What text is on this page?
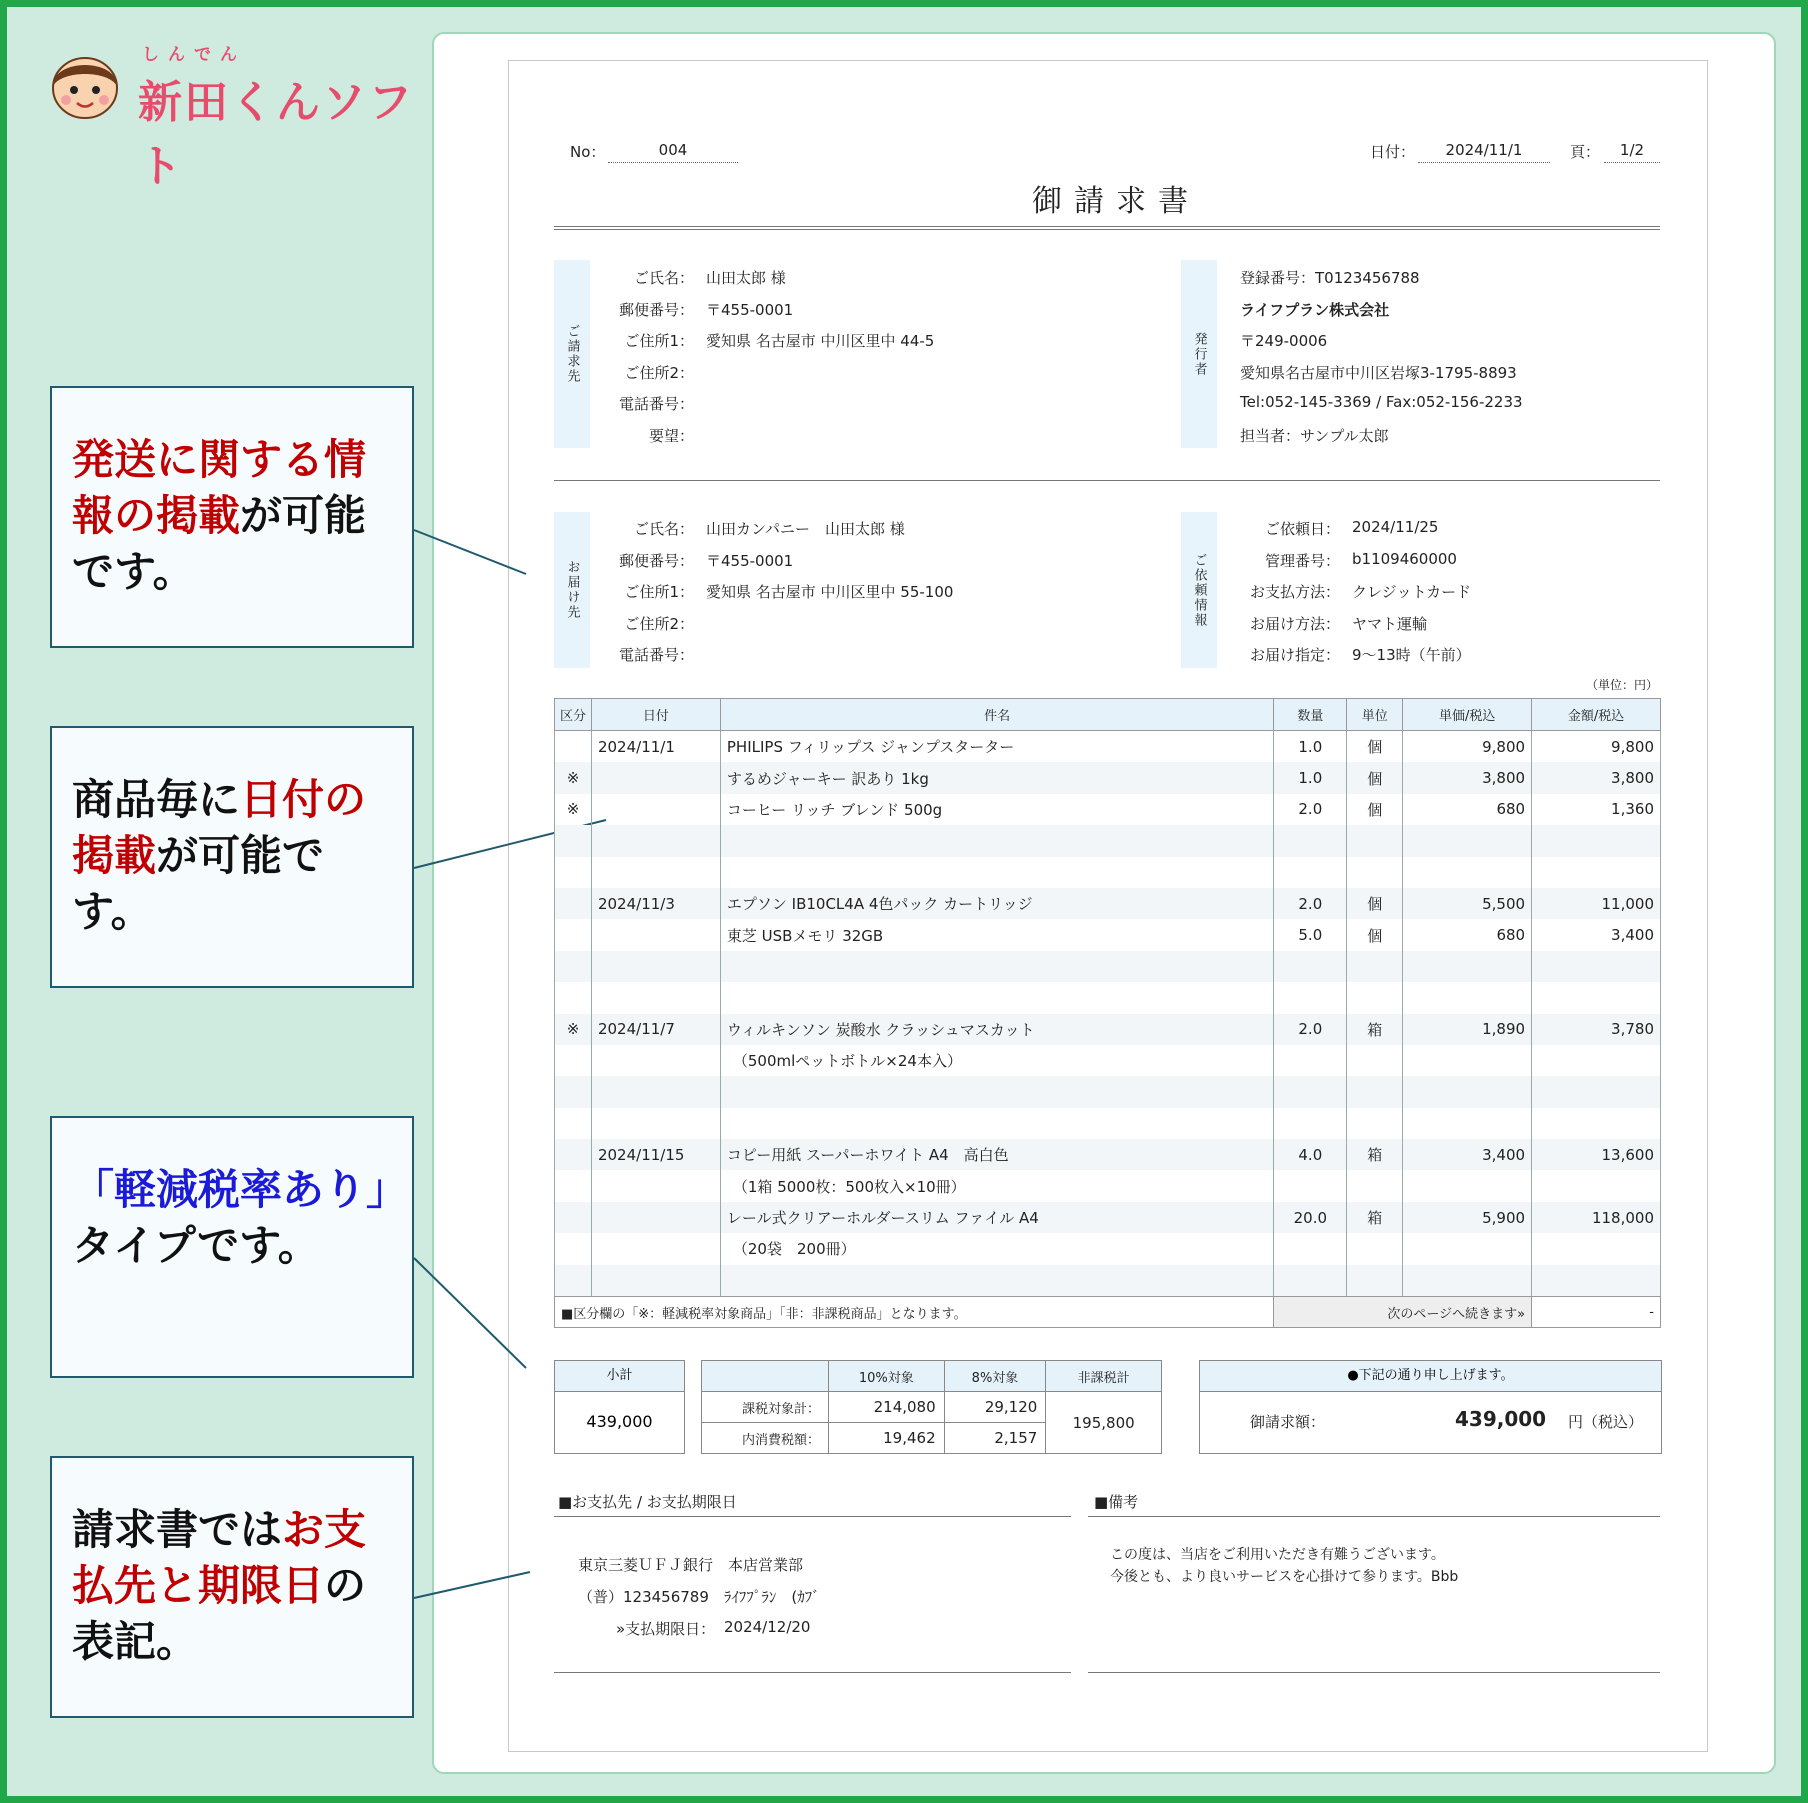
しんでん
新田くんソフト
発送に関する情報の掲載が可能です。
商品毎に日付の掲載が可能です。
「軽減税率あり」タイプです。
請求書ではお支払先と期限日の表記。
No：	004	日付：	2024/11/1	頁：	1/2
御請求書
ご請求先
ご氏名： 山田太郎 様
郵便番号： 〒455-0001
ご住所1： 愛知県 名古屋市 中川区里中 44-5
ご住所2：
電話番号：
要望：
発行者
登録番号：T0123456788
ライフプラン株式会社
〒249-0006
愛知県名古屋市中川区岩塚3-1795-8893
Tel:052-145-3369 / Fax:052-156-2233
担当者：サンプル太郎
お届け先
ご氏名： 山田カンパニー　山田太郎 様
郵便番号： 〒455-0001
ご住所1： 愛知県 名古屋市 中川区里中 55-100
ご住所2：
電話番号：
ご依頼情報
ご依頼日： 2024/11/25
管理番号： b1109460000
お支払方法： クレジットカード
お届け方法： ヤマト運輸
お届け指定： 9～13時（午前）
（単位：円）
区分	日付	件名	数量	単位	単価/税込	金額/税込
	2024/11/1	PHILIPS フィリップス ジャンプスターター	1.0	個	9,800	9,800
※		するめジャーキー 訳あり 1kg	1.0	個	3,800	3,800
※		コーヒー リッチ ブレンド 500g	2.0	個	680	1,360

	2024/11/3	エプソン IB10CL4A 4色パック カートリッジ	2.0	個	5,500	11,000
		東芝 USBメモリ 32GB	5.0	個	680	3,400

※	2024/11/7	ウィルキンソン 炭酸水 クラッシュマスカット	2.0	箱	1,890	3,780
		（500mlペットボトル×24本入）				

	2024/11/15	コピー用紙 スーパーホワイト A4　高白色	4.0	箱	3,400	13,600
		（1箱 5000枚：500枚入×10冊）				
		レール式クリアーホルダースリム ファイル A4	20.0	箱	5,900	118,000
		（20袋　200冊）				

■区分欄の「※：軽減税率対象商品」「非：非課税商品」となります。			次のページへ続きます»			-
小計
439,000
	10%対象	8%対象	非課税計
課税対象計：	214,080	29,120	195,800
内消費税額：	19,462	2,157	
●下記の通り申し上げます。
御請求額：	439,000 円（税込）
■お支払先 / お支払期限日
東京三菱ＵＦＪ銀行　本店営業部
（普）123456789　ﾗｲﾌﾌﾟﾗﾝ　(ｶﾌﾞ
»支払期限日： 2024/12/20
■備考
この度は、当店をご利用いただき有難うございます。
今後とも、より良いサービスを心掛けて参ります。Bbb
